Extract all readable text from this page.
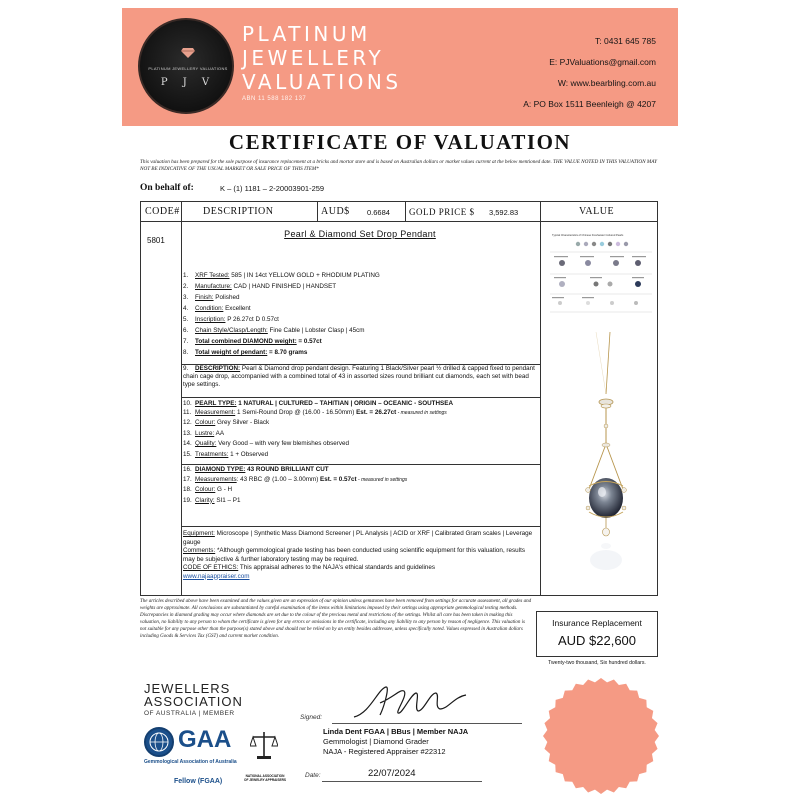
PLATINUM JEWELLERY VALUATIONS
P J V
PLATINUM
JEWELLERY
VALUATIONS
ABN 11 588 182 137
T: 0431 645 785
E: PJValuations@gmail.com
W: www.bearbling.com.au
A: PO Box 1511 Beenleigh @ 4207
CERTIFICATE OF VALUATION
This valuation has been prepared for the sole purpose of insurance replacement at a bricks and mortar store and is based on Australian dollars or market values current at the below mentioned date. THE VALUE NOTED IN THIS VALUATION MAY NOT BE INDICATIVE OF THE USUAL MARKET OR SALE PRICE OF THIS ITEM*
On behalf of:	K – (1) 1181 – 2-20003901-259
CODE# DESCRIPTION	AUD$ 0.6684 GOLD PRICE $ 3,592.83	VALUE
5801
Pearl & Diamond Set Drop Pendant
1. XRF Tested: 585 | IN 14ct YELLOW GOLD + RHODIUM PLATING
2. Manufacture: CAD | HAND FINISHED | HANDSET
3. Finish: Polished
4. Condition: Excellent
5. Inscription: P 26.27ct D 0.57ct
6. Chain Style/Clasp/Length: Fine Cable | Lobster Clasp | 45cm
7. Total combined DIAMOND weight: = 0.57ct
8. Total weight of pendant: = 8.70 grams
9. DESCRIPTION: Pearl & Diamond drop pendant design. Featuring 1 Black/Silver pearl ½ drilled & capped fixed to pendant chain cage drop, accompanied with a combined total of 43 in assorted sizes round brilliant cut diamonds, each set with bead type settings.
10. PEARL TYPE: 1 NATURAL | CULTURED – TAHITIAN | ORIGIN – OCEANIC - SOUTHSEA
11. Measurement: 1 Semi-Round Drop @ (16.00 - 16.50mm) Est. = 26.27ct - measured in settings
12. Colour: Grey Silver - Black
13. Lustre: AA
14. Quality: Very Good – with very few blemishes observed
15. Treatments: 1 + Observed
16. DIAMOND TYPE: 43 ROUND BRILLIANT CUT
17. Measurements: 43 RBC @ (1.00 – 3.00mm) Est. = 0.57ct - measured in settings
18. Colour: G - H
19. Clarity: SI1 – P1
Equipment: Microscope | Synthetic Mass Diamond Screener | PL Analysis | ACID or XRF | Calibrated Gram scales | Leverage gauge
Comments: *Although gemmological grade testing has been conducted using scientific equipment for this valuation, results may be subjective & further laboratory testing may be required.
CODE OF ETHICS: This appraisal adheres to the NAJA's ethical standards and guidelines
www.najaappraiser.com
Typical Characteristics of Chinese Freshwater Cultured Pearls
The articles described above have been examined and the values given are an expression of our opinion unless gemstones have been removed from settings for accurate assessment, all grades and weights are approximate. All conclusions are substantiated by careful examination of the items within limitations imposed by their settings using appropriate gemmological testing methods. Discrepancies in diamond grading may occur where diamonds are set due to the colour of the precious metal and restrictions of the settings. Whilst all care has been taken in making this valuation, no liability to any person to whom the certificate is given for any errors or omissions in the certificate, including any liability to any person by reason of negligence. This valuation is not suitable for any purpose other than the purpose(s) stated above and should not be relied on by an entity besides addressee, unless specifically noted. Values expressed in Australian dollars including Goods & Services Tax (GST) and current market condition.
Insurance Replacement
AUD $22,600
Twenty-two thousand, Six hundred dollars.
JEWELLERS
ASSOCIATION
OF AUSTRALIA | MEMBER
GAA
Gemmological Association of Australia
Fellow (FGAA)
NATIONAL ASSOCIATION OF JEWELRY APPRAISERS
Signed:
Linda Dent FGAA | BBus | Member NAJA
Gemmologist | Diamond Grader
NAJA - Registered Appraiser #22312
Date:	22/07/2024
